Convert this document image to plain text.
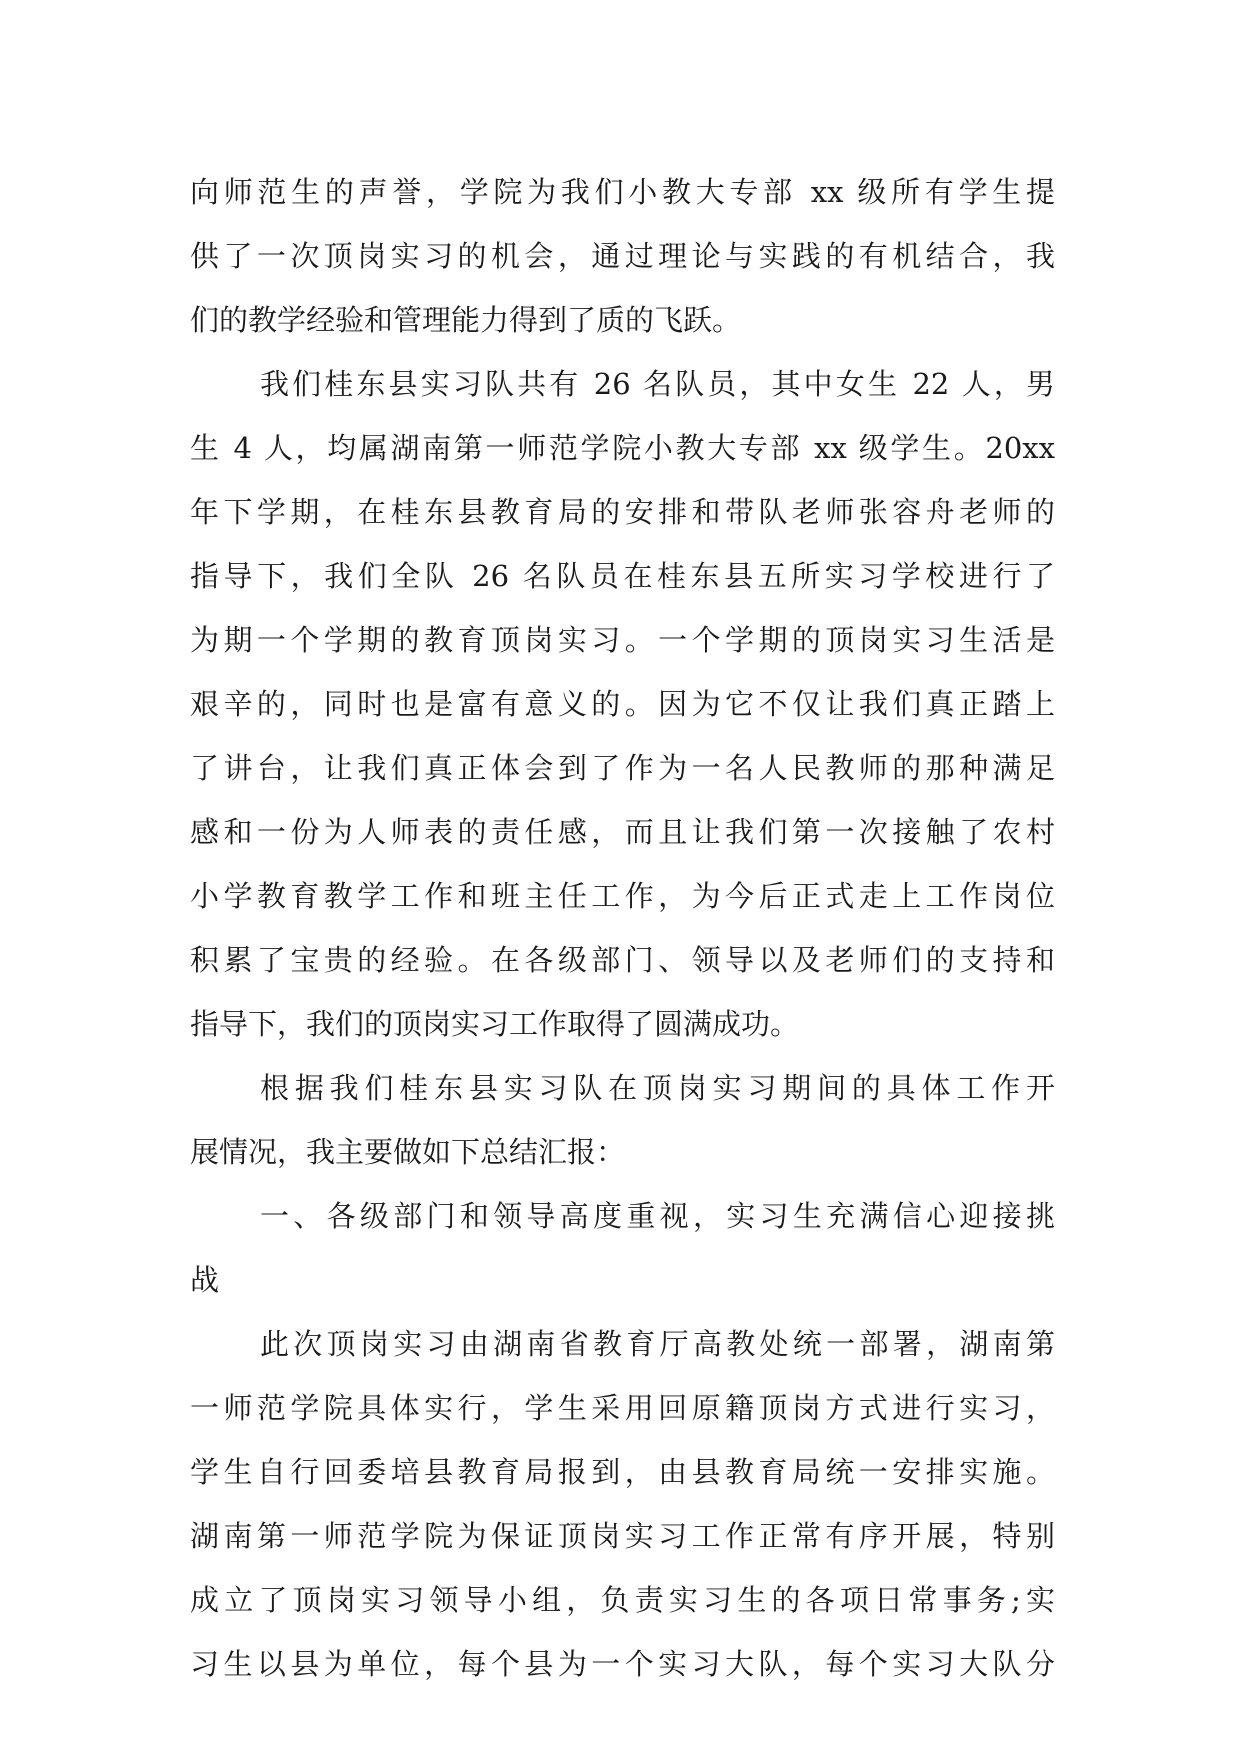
向师范生的声誉，学院为我们小教大专部 xx 级所有学生提
供了一次顶岗实习的机会，通过理论与实践的有机结合，我
们的教学经验和管理能力得到了质的飞跃。
我们桂东县实习队共有 26 名队员，其中女生 22 人，男
生 4 人，均属湖南第一师范学院小教大专部 xx 级学生。20xx
年下学期，在桂东县教育局的安排和带队老师张容舟老师的
指导下，我们全队 26 名队员在桂东县五所实习学校进行了
为期一个学期的教育顶岗实习。一个学期的顶岗实习生活是
艰辛的，同时也是富有意义的。因为它不仅让我们真正踏上
了讲台，让我们真正体会到了作为一名人民教师的那种满足
感和一份为人师表的责任感，而且让我们第一次接触了农村
小学教育教学工作和班主任工作，为今后正式走上工作岗位
积累了宝贵的经验。在各级部门、领导以及老师们的支持和
指导下，我们的顶岗实习工作取得了圆满成功。
根据我们桂东县实习队在顶岗实习期间的具体工作开
展情况，我主要做如下总结汇报：
一、各级部门和领导高度重视，实习生充满信心迎接挑
战
此次顶岗实习由湖南省教育厅高教处统一部署，湖南第
一师范学院具体实行，学生采用回原籍顶岗方式进行实习，
学生自行回委培县教育局报到，由县教育局统一安排实施。
湖南第一师范学院为保证顶岗实习工作正常有序开展，特别
成立了顶岗实习领导小组，负责实习生的各项日常事务;实
习生以县为单位，每个县为一个实习大队，每个实习大队分
